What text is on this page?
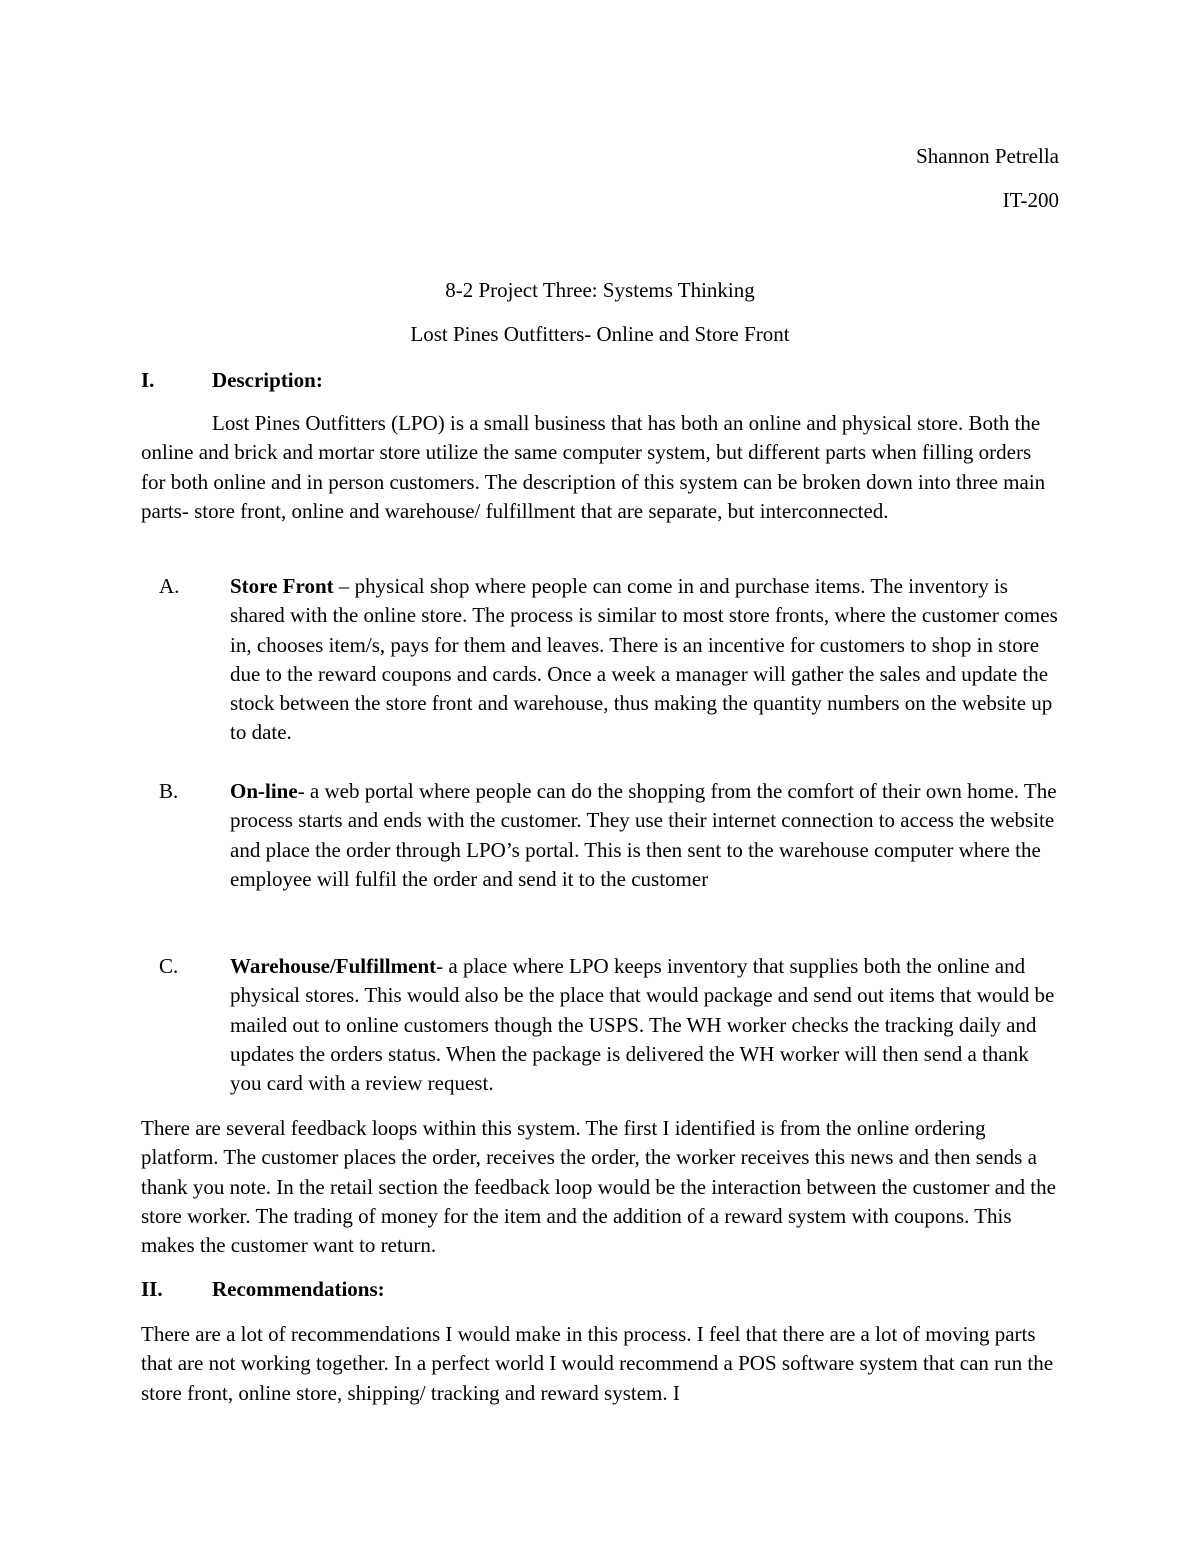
Shannon Petrella
IT-200
8-2 Project Three: Systems Thinking
Lost Pines Outfitters- Online and Store Front
I.	Description:
Lost Pines Outfitters (LPO) is a small business that has both an online and physical store. Both the online and brick and mortar store utilize the same computer system, but different parts when filling orders for both online and in person customers. The description of this system can be broken down into three main parts- store front, online and warehouse/ fulfillment that are separate, but interconnected.
A. Store Front – physical shop where people can come in and purchase items. The inventory is shared with the online store. The process is similar to most store fronts, where the customer comes in, chooses item/s, pays for them and leaves. There is an incentive for customers to shop in store due to the reward coupons and cards. Once a week a manager will gather the sales and update the stock between the store front and warehouse, thus making the quantity numbers on the website up to date.
B. On-line- a web portal where people can do the shopping from the comfort of their own home. The process starts and ends with the customer. They use their internet connection to access the website and place the order through LPO’s portal. This is then sent to the warehouse computer where the employee will fulfil the order and send it to the customer
C. Warehouse/Fulfillment- a place where LPO keeps inventory that supplies both the online and physical stores. This would also be the place that would package and send out items that would be mailed out to online customers though the USPS. The WH worker checks the tracking daily and updates the orders status. When the package is delivered the WH worker will then send a thank you card with a review request.
There are several feedback loops within this system. The first I identified is from the online ordering platform. The customer places the order, receives the order, the worker receives this news and then sends a thank you note. In the retail section the feedback loop would be the interaction between the customer and the store worker. The trading of money for the item and the addition of a reward system with coupons. This makes the customer want to return.
II. Recommendations:
There are a lot of recommendations I would make in this process. I feel that there are a lot of moving parts that are not working together. In a perfect world I would recommend a POS software system that can run the store front, online store, shipping/ tracking and reward system. I
